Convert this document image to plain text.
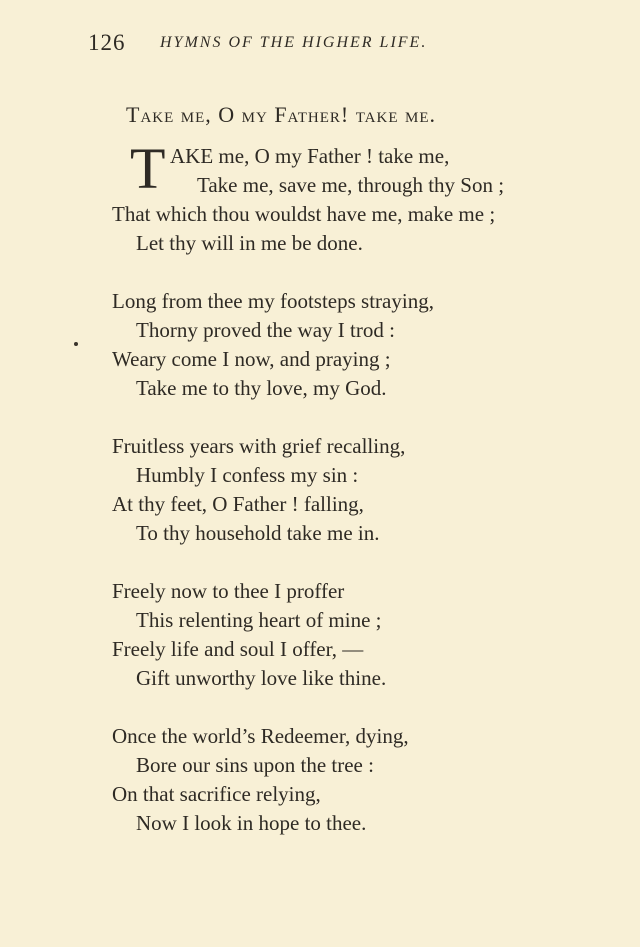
126 HYMNS OF THE HIGHER LIFE.
Take me, O my Father! take me.
T AKE me, O my Father ! take me,
Take me, save me, through thy Son ;
That which thou wouldst have me, make me ;
Let thy will in me be done.
Long from thee my footsteps straying,
Thorny proved the way I trod :
Weary come I now, and praying ;
Take me to thy love, my God.
Fruitless years with grief recalling,
Humbly I confess my sin :
At thy feet, O Father ! falling,
To thy household take me in.
Freely now to thee I proffer
This relenting heart of mine ;
Freely life and soul I offer, —
Gift unworthy love like thine.
Once the world’s Redeemer, dying,
Bore our sins upon the tree :
On that sacrifice relying,
Now I look in hope to thee.
